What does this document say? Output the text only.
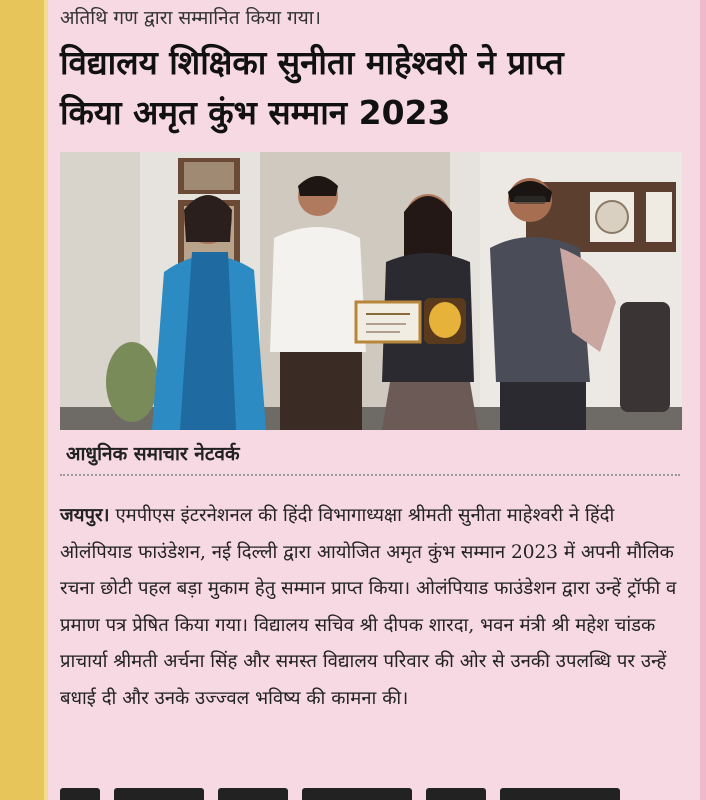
अतिथि गण द्वारा सम्मानित किया गया।
विद्यालय शिक्षिका सुनीता माहेश्वरी ने प्राप्त
किया अमृत कुंभ सम्मान 2023
आधुनिक समाचार नेटवर्क
जयपुर। एमपीएस इंटरनेशनल की हिंदी विभागाध्यक्षा श्रीमती सुनीता माहेश्वरी ने हिंदी ओलंपियाड फाउंडेशन, नई दिल्ली द्वारा आयोजित अमृत कुंभ सम्मान 2023 में अपनी मौलिक रचना छोटी पहल बड़ा मुकाम हेतु सम्मान प्राप्त किया। ओलंपियाड फाउंडेशन द्वारा उन्हें ट्रॉफी व प्रमाण पत्र प्रेषित किया गया। विद्यालय सचिव श्री दीपक शारदा, भवन मंत्री श्री महेश चांडक प्राचार्या श्रीमती अर्चना सिंह और समस्त विद्यालय परिवार की ओर से उनकी उपलब्धि पर उन्हें बधाई दी और उनके उज्ज्वल भविष्य की कामना की।
